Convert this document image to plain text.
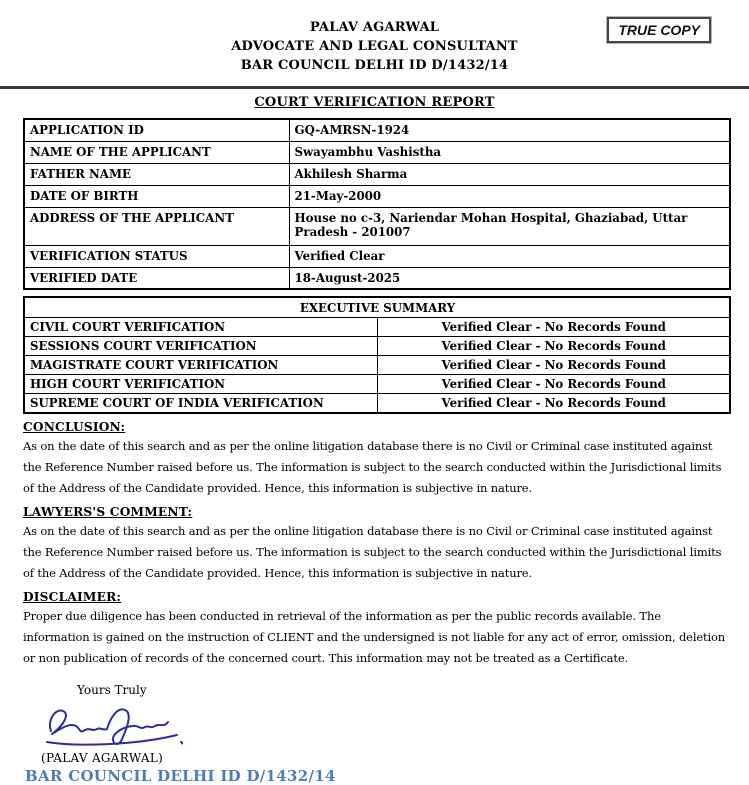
TRUE COPY
PALAV AGARWAL
ADVOCATE AND LEGAL CONSULTANT
BAR COUNCIL DELHI ID D/1432/14
COURT VERIFICATION REPORT
APPLICATION ID	GQ-AMRSN-1924
NAME OF THE APPLICANT	Swayambhu Vashistha
FATHER NAME	Akhilesh Sharma
DATE OF BIRTH	21-May-2000
ADDRESS OF THE APPLICANT	House no c-3, Nariendar Mohan Hospital, Ghaziabad, Uttar Pradesh - 201007
VERIFICATION STATUS	Verified Clear
VERIFIED DATE	18-August-2025
EXECUTIVE SUMMARY	
CIVIL COURT VERIFICATION	Verified Clear - No Records Found
SESSIONS COURT VERIFICATION	Verified Clear - No Records Found
MAGISTRATE COURT VERIFICATION	Verified Clear - No Records Found
HIGH COURT VERIFICATION	Verified Clear - No Records Found
SUPREME COURT OF INDIA VERIFICATION	Verified Clear - No Records Found
CONCLUSION:

As on the date of this search and as per the online litigation database there is no Civil or Criminal case instituted against the Reference Number raised before us. The information is subject to the search conducted within the Jurisdictional limits of the Address of the Candidate provided. Hence, this information is subjective in nature.

LAWYERS'S COMMENT:

As on the date of this search and as per the online litigation database there is no Civil or Criminal case instituted against the Reference Number raised before us. The information is subject to the search conducted within the Jurisdictional limits of the Address of the Candidate provided. Hence, this information is subjective in nature.

DISCLAIMER:

Proper due diligence has been conducted in retrieval of the information as per the public records available. The information is gained on the instruction of CLIENT and the undersigned is not liable for any act of error, omission, deletion or non publication of records of the concerned court. This information may not be treated as a Certificate.

Yours Truly
(PALAV AGARWAL)
BAR COUNCIL DELHI ID D/1432/14
